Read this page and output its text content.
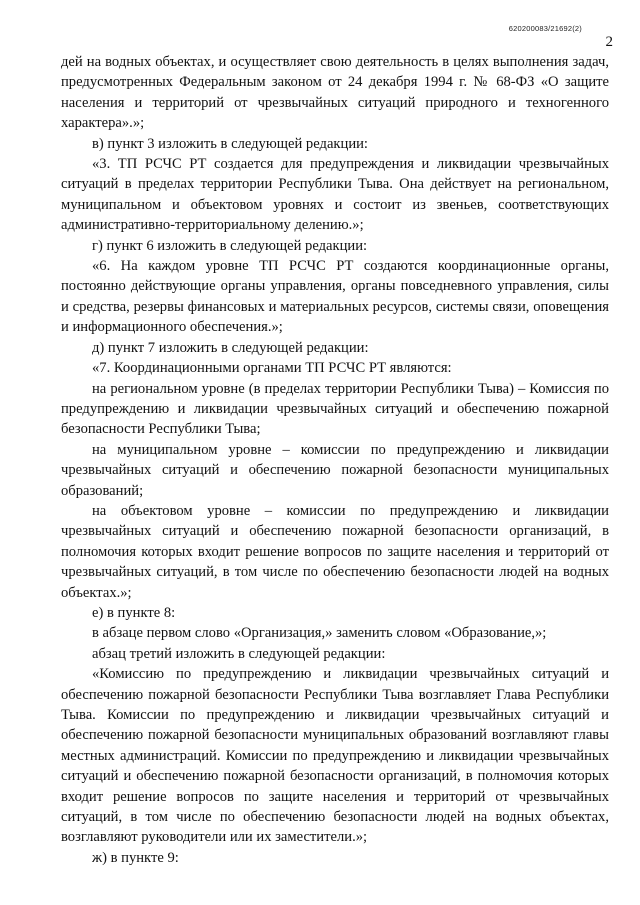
620200083/21692(2)
2

дей на водных объектах, и осуществляет свою деятельность в целях выполнения задач, предусмотренных Федеральным законом от 24 декабря 1994 г. № 68-ФЗ «О защите населения и территорий от чрезвычайных ситуаций природного и техногенного характера».»;

в) пункт 3 изложить в следующей редакции:

«3. ТП РСЧС РТ создается для предупреждения и ликвидации чрезвычайных ситуаций в пределах территории Республики Тыва. Она действует на региональном, муниципальном и объектовом уровнях и состоит из звеньев, соответствующих административно-территориальному делению.»;

г) пункт 6 изложить в следующей редакции:

«6. На каждом уровне ТП РСЧС РТ создаются координационные органы, постоянно действующие органы управления, органы повседневного управления, силы и средства, резервы финансовых и материальных ресурсов, системы связи, оповещения и информационного обеспечения.»;

д) пункт 7 изложить в следующей редакции:

«7. Координационными органами ТП РСЧС РТ являются:

на региональном уровне (в пределах территории Республики Тыва) – Комиссия по предупреждению и ликвидации чрезвычайных ситуаций и обеспечению пожарной безопасности Республики Тыва;

на муниципальном уровне – комиссии по предупреждению и ликвидации чрезвычайных ситуаций и обеспечению пожарной безопасности муниципальных образований;

на объектовом уровне – комиссии по предупреждению и ликвидации чрезвычайных ситуаций и обеспечению пожарной безопасности организаций, в полномочия которых входит решение вопросов по защите населения и территорий от чрезвычайных ситуаций, в том числе по обеспечению безопасности людей на водных объектах.»;

е) в пункте 8:

в абзаце первом слово «Организация,» заменить словом «Образование,»;

абзац третий изложить в следующей редакции:

«Комиссию по предупреждению и ликвидации чрезвычайных ситуаций и обеспечению пожарной безопасности Республики Тыва возглавляет Глава Республики Тыва. Комиссии по предупреждению и ликвидации чрезвычайных ситуаций и обеспечению пожарной безопасности муниципальных образований возглавляют главы местных администраций. Комиссии по предупреждению и ликвидации чрезвычайных ситуаций и обеспечению пожарной безопасности организаций, в полномочия которых входит решение вопросов по защите населения и территорий от чрезвычайных ситуаций, в том числе по обеспечению безопасности людей на водных объектах, возглавляют руководители или их заместители.»;

ж) в пункте 9:
